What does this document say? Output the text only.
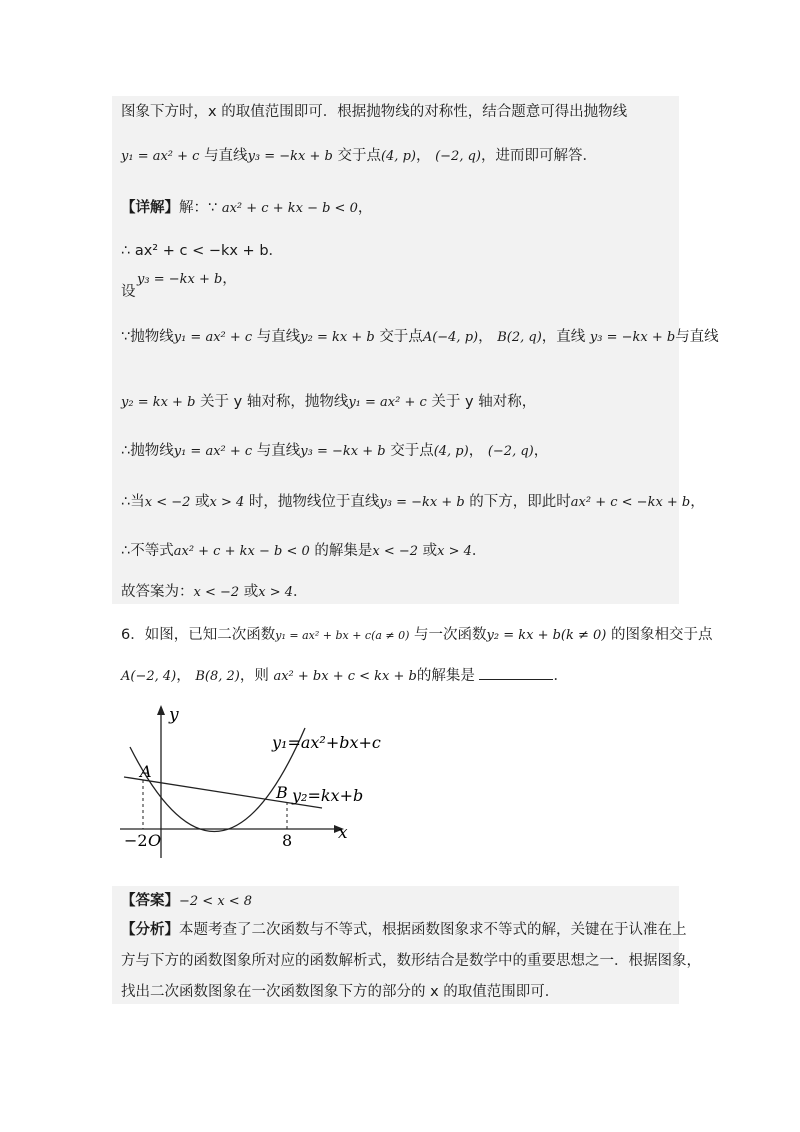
图象下方时，x 的取值范围即可．根据抛物线的对称性，结合题意可得出抛物线
y₁ = ax² + c 与直线y₃ = −kx + b 交于点(4, p)， (−2, q)，进而即可解答．
【详解】解：∵ ax² + c + kx − b < 0，
∴ ax² + c < −kx + b．
y₃ = −kx + b，
设
∵抛物线y₁ = ax² + c 与直线y₂ = kx + b 交于点A(−4, p)， B(2, q)，直线 y₃ = −kx + b与直线
y₂ = kx + b 关于 y 轴对称，抛物线y₁ = ax² + c 关于 y 轴对称，
∴抛物线y₁ = ax² + c 与直线y₃ = −kx + b 交于点(4, p)， (−2, q)，
∴当x < −2 或x > 4 时，抛物线位于直线y₃ = −kx + b 的下方，即此时ax² + c < −kx + b，
∴不等式ax² + c + kx − b < 0 的解集是x < −2 或x > 4．
故答案为：x < −2 或x > 4．
6．如图，已知二次函数y₁ = ax² + bx + c(a ≠ 0) 与一次函数y₂ = kx + b(k ≠ 0) 的图象相交于点
A(−2, 4)， B(8, 2)，则 ax² + bx + c < kx + b的解集是	．
y
x
A
B
−2 O	8
y₁=ax²+bx+c
y₂=kx+b
【答案】−2 < x < 8
【分析】本题考查了二次函数与不等式，根据函数图象求不等式的解，关键在于认准在上
方与下方的函数图象所对应的函数解析式，数形结合是数学中的重要思想之一．根据图象，
找出二次函数图象在一次函数图象下方的部分的 x 的取值范围即可．
